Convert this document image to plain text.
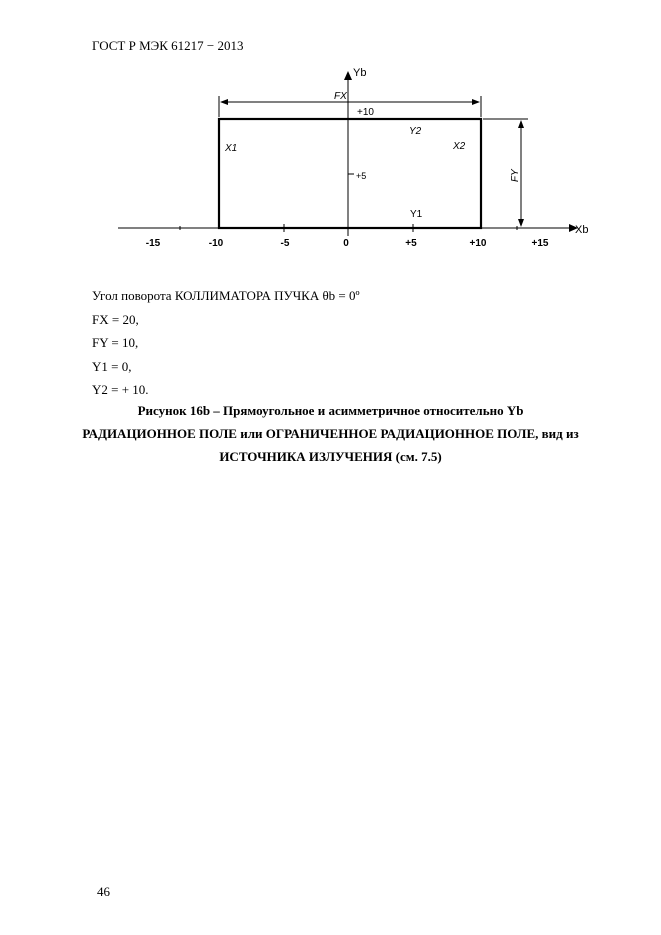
ГОСТ Р МЭК 61217 − 2013
Yb
Xb
FX
+10
+5
Y2
X1	X2
Y1
FY
-15	-10	-5	0	+5	+10	+15
Угол поворота КОЛЛИМАТОРА ПУЧКА θb = 0º
FX = 20,
FY = 10,
Y1 = 0,
Y2 = + 10.
Рисунок 16b – Прямоугольное и асимметричное относительно Yb
РАДИАЦИОННОЕ ПОЛЕ или ОГРАНИЧЕННОЕ РАДИАЦИОННОЕ ПОЛЕ, вид из
ИСТОЧНИКА ИЗЛУЧЕНИЯ (см. 7.5)
46
